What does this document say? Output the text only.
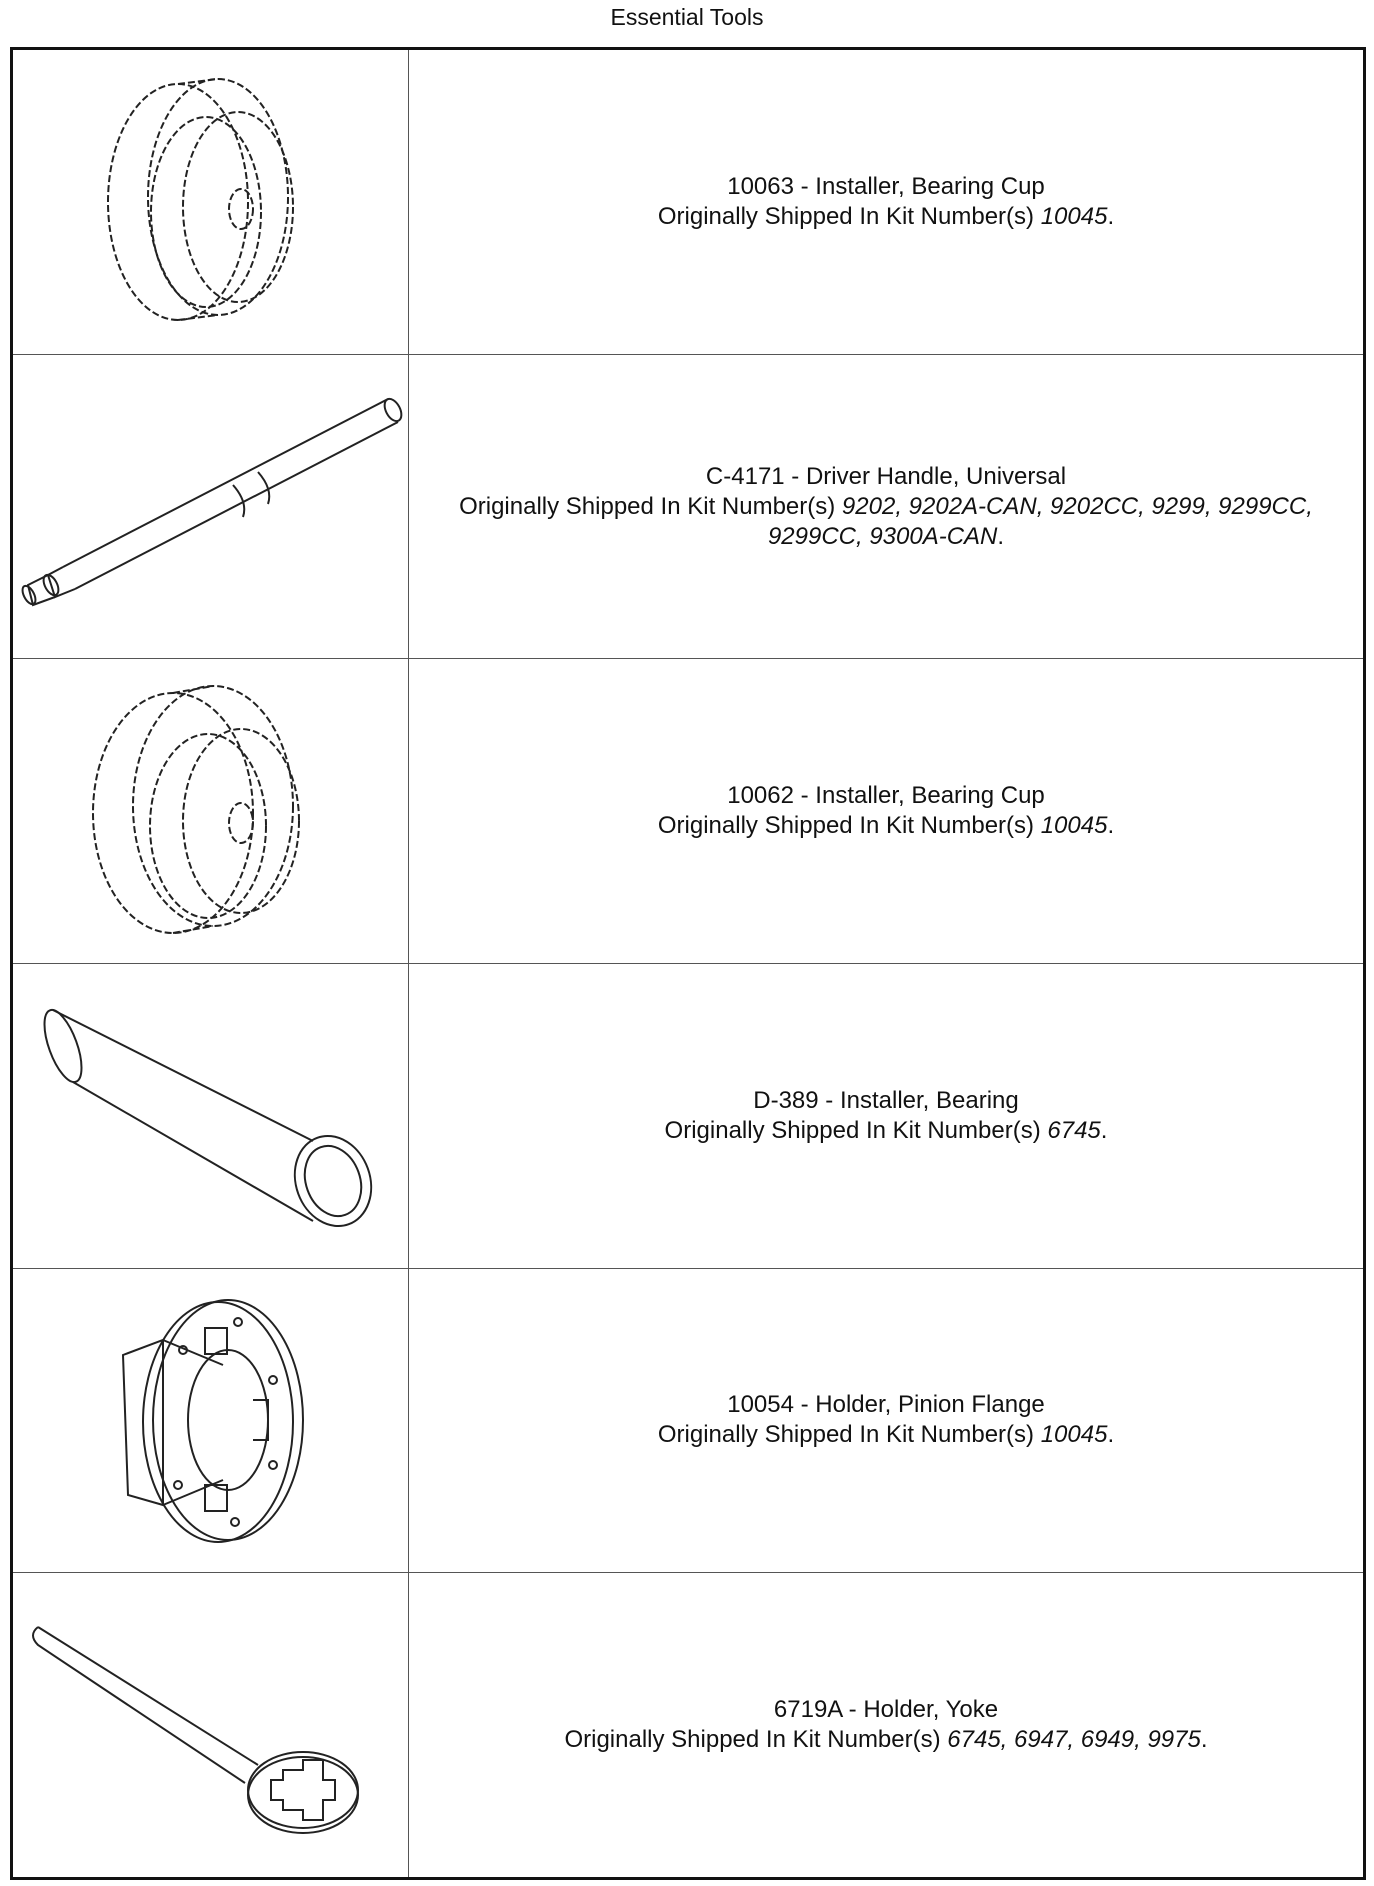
Essential Tools

10063 - Installer, Bearing Cup
Originally Shipped In Kit Number(s) 10045.

C-4171 - Driver Handle, Universal
Originally Shipped In Kit Number(s) 9202, 9202A-CAN, 9202CC, 9299, 9299CC, 9299CC, 9300A-CAN.

10062 - Installer, Bearing Cup
Originally Shipped In Kit Number(s) 10045.

D-389 - Installer, Bearing
Originally Shipped In Kit Number(s) 6745.

10054 - Holder, Pinion Flange
Originally Shipped In Kit Number(s) 10045.

6719A - Holder, Yoke
Originally Shipped In Kit Number(s) 6745, 6947, 6949, 9975.
